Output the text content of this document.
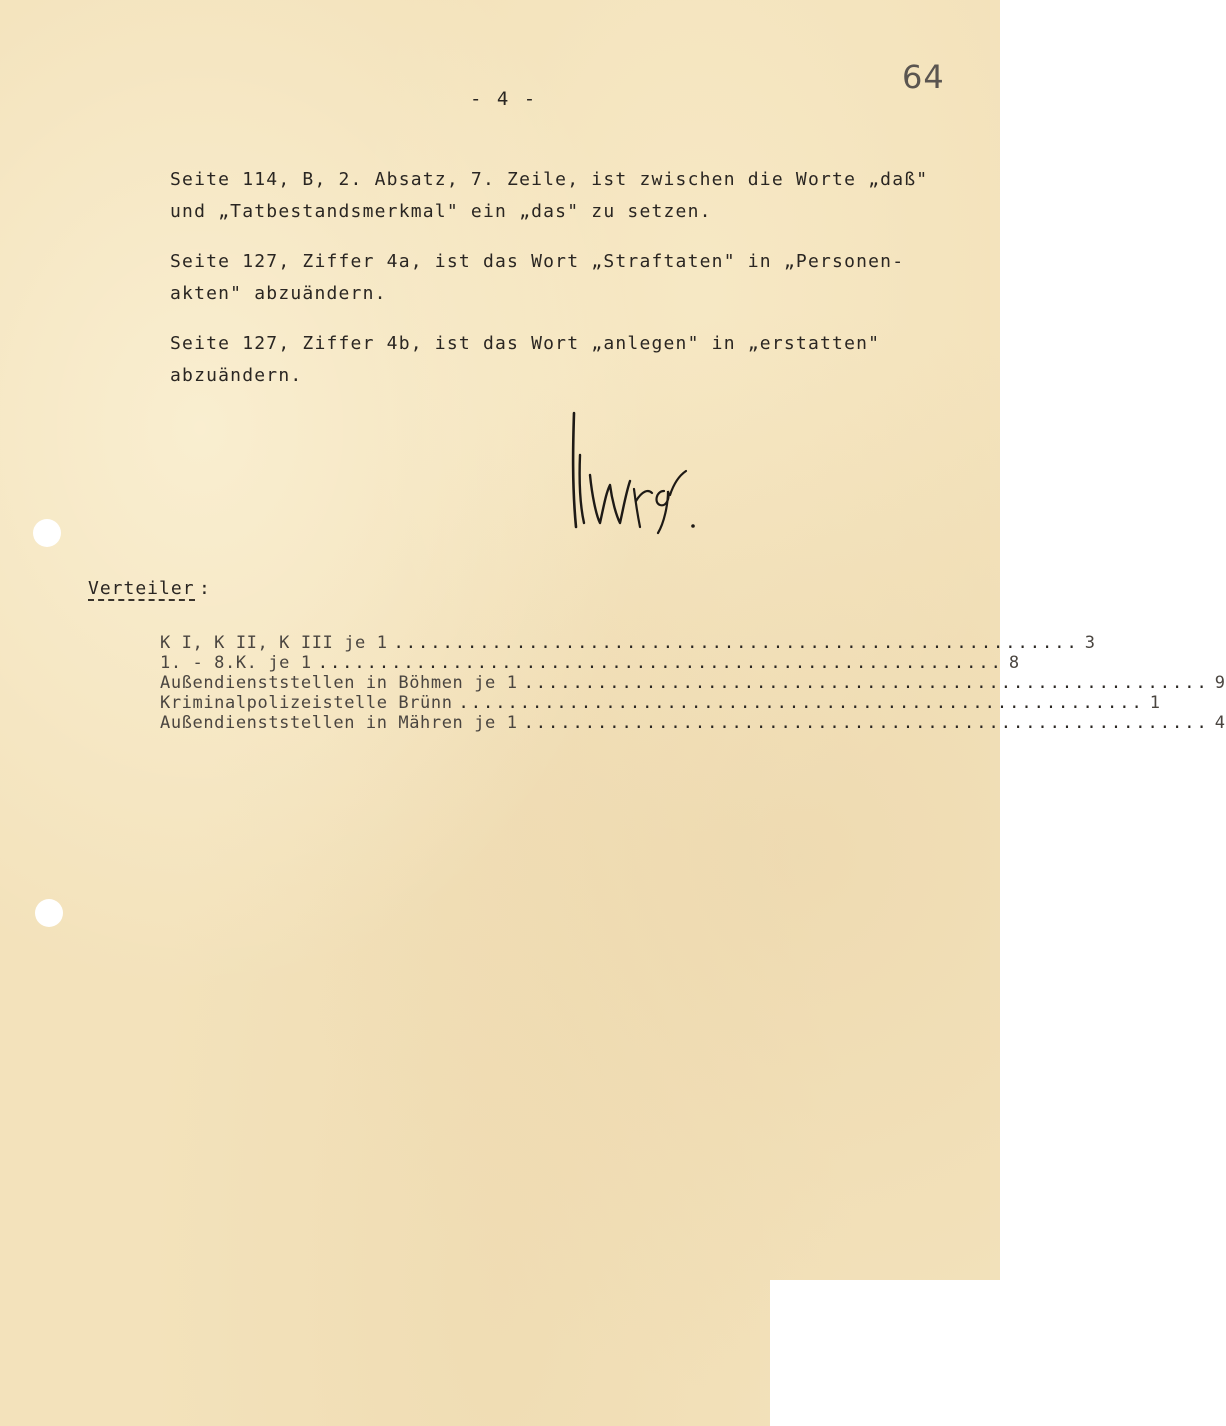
- 4 -
64

Seite 114, B, 2. Absatz, 7. Zeile, ist zwischen die Worte „daß"
und „Tatbestandsmerkmal" ein „das" zu setzen.

Seite 127, Ziffer 4a, ist das Wort „Straftaten" in „Personen-
akten" abzuändern.

Seite 127, Ziffer 4b, ist das Wort „anlegen" in „erstatten"
abzuändern.

Verteiler :
K I, K II, K III je 1 ........................................................ 3
1. - 8.K. je 1 ........................................................ 8
Außendienststellen in Böhmen je 1 ........................................................ 9
Kriminalpolizeistelle Brünn ........................................................ 1
Außendienststellen in Mähren je 1 ........................................................ 4
